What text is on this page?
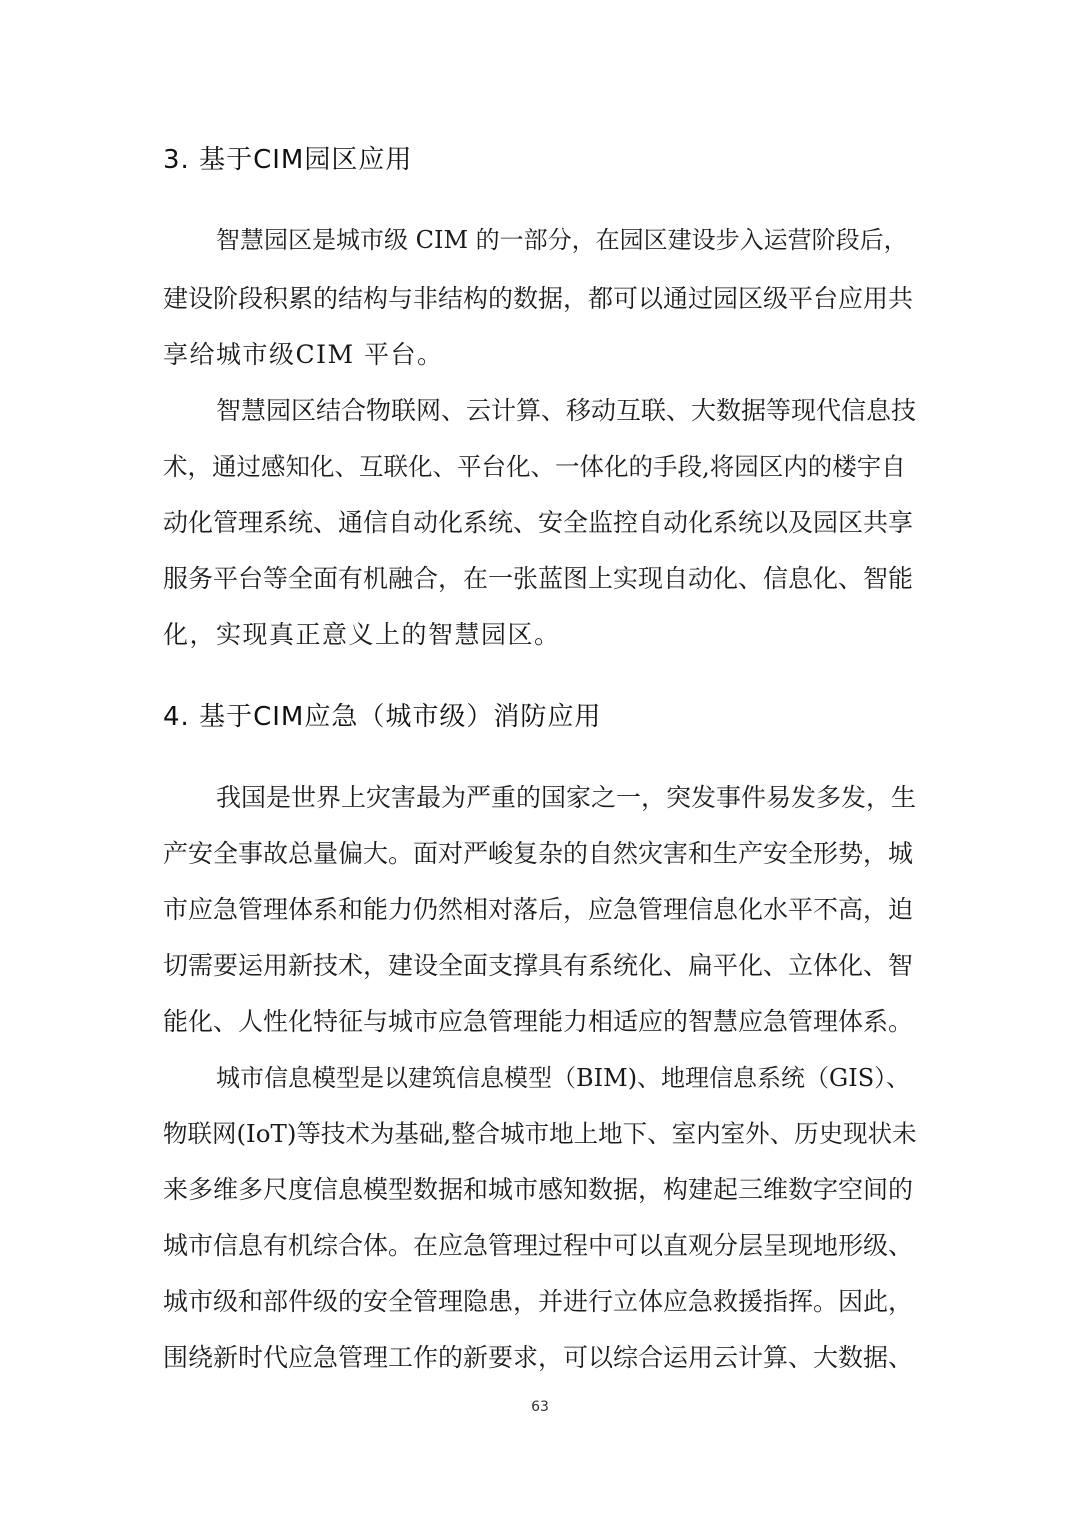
3. 基于CIM园区应用
智慧园区是城市级 CIM 的一部分，在园区建设步入运营阶段后，
建设阶段积累的结构与非结构的数据，都可以通过园区级平台应用共
享给城市级CIM 平台。
智慧园区结合物联网、云计算、移动互联、大数据等现代信息技
术，通过感知化、互联化、平台化、一体化的手段,将园区内的楼宇自
动化管理系统、通信自动化系统、安全监控自动化系统以及园区共享
服务平台等全面有机融合，在一张蓝图上实现自动化、信息化、智能
化，实现真正意义上的智慧园区。
4. 基于CIM应急（城市级）消防应用
我国是世界上灾害最为严重的国家之一，突发事件易发多发，生
产安全事故总量偏大。面对严峻复杂的自然灾害和生产安全形势，城
市应急管理体系和能力仍然相对落后，应急管理信息化水平不高，迫
切需要运用新技术，建设全面支撑具有系统化、扁平化、立体化、智
能化、人性化特征与城市应急管理能力相适应的智慧应急管理体系。
城市信息模型是以建筑信息模型（BIM)、地理信息系统（GIS）、
物联网(IoT)等技术为基础,整合城市地上地下、室内室外、历史现状未
来多维多尺度信息模型数据和城市感知数据，构建起三维数字空间的
城市信息有机综合体。在应急管理过程中可以直观分层呈现地形级、
城市级和部件级的安全管理隐患，并进行立体应急救援指挥。因此，
围绕新时代应急管理工作的新要求，可以综合运用云计算、大数据、
63
